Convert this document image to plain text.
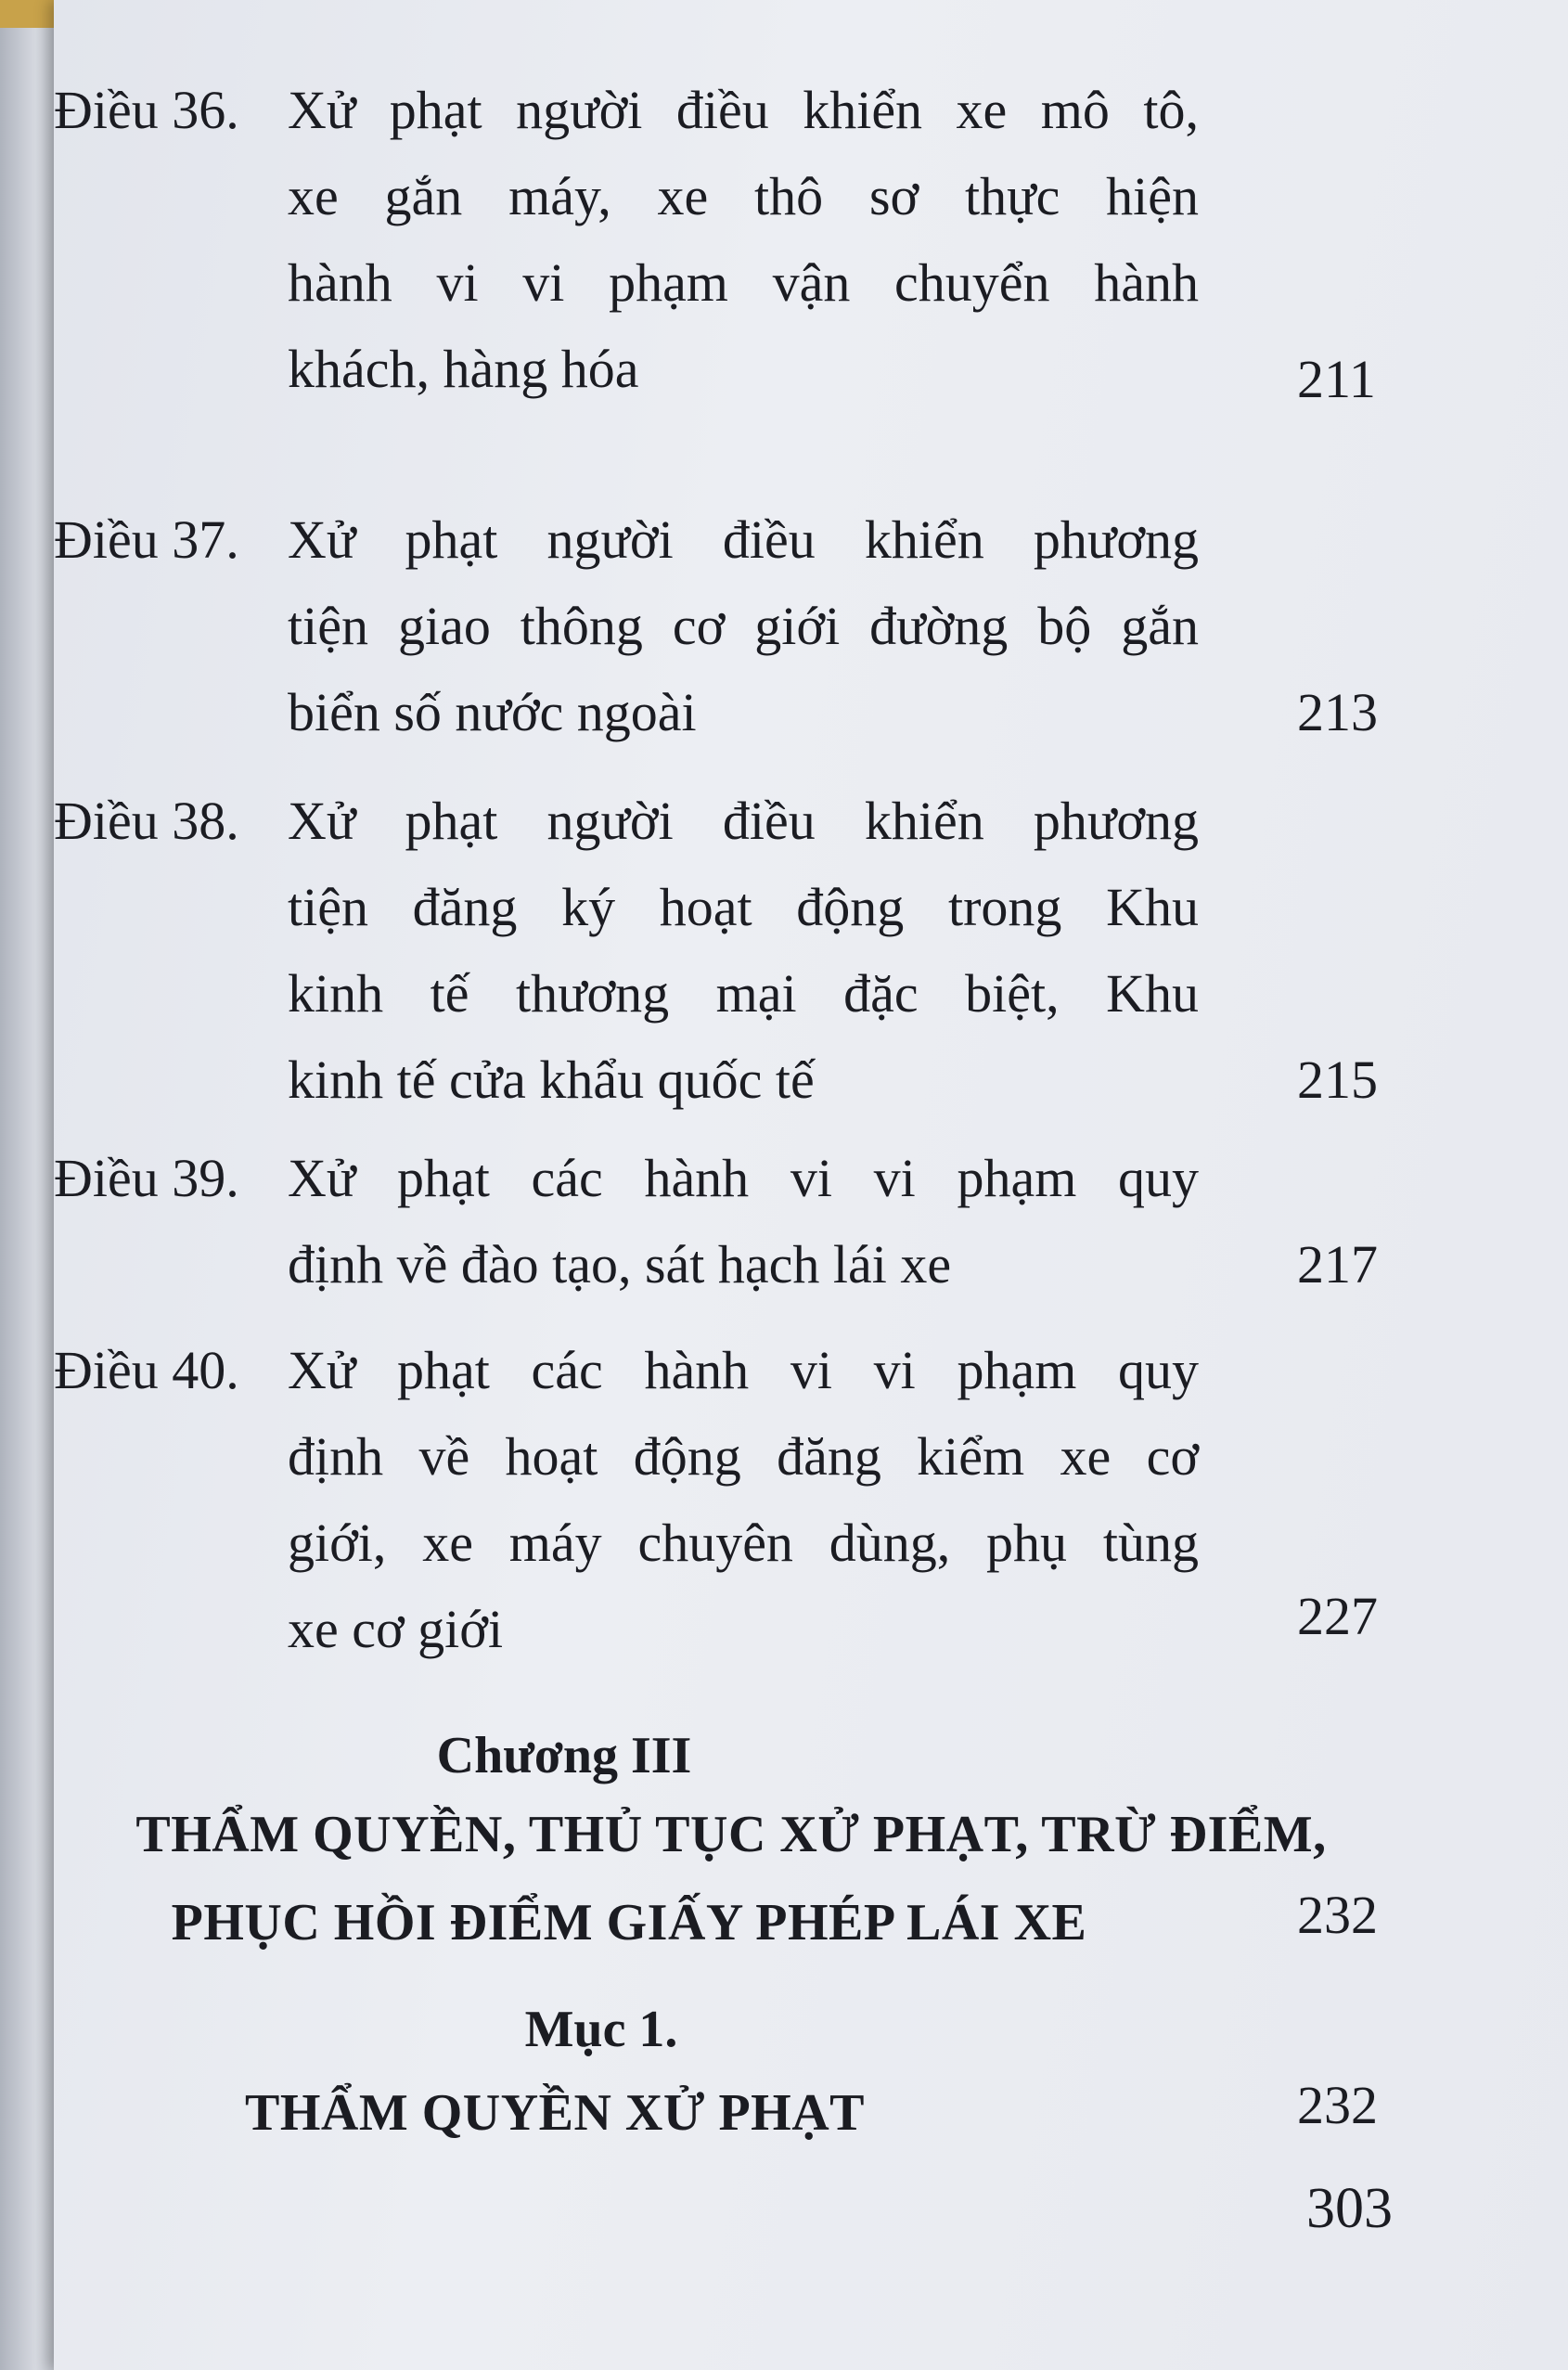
Điều 36. Xử phạt người điều khiển xe mô tô,
xe gắn máy, xe thô sơ thực hiện
hành vi vi phạm vận chuyển hành
khách, hàng hóa	211
Điều 37. Xử phạt người điều khiển phương
tiện giao thông cơ giới đường bộ gắn
biển số nước ngoài	213
Điều 38. Xử phạt người điều khiển phương
tiện đăng ký hoạt động trong Khu
kinh tế thương mại đặc biệt, Khu
kinh tế cửa khẩu quốc tế	215
Điều 39. Xử phạt các hành vi vi phạm quy
định về đào tạo, sát hạch lái xe	217
Điều 40. Xử phạt các hành vi vi phạm quy
định về hoạt động đăng kiểm xe cơ
giới, xe máy chuyên dùng, phụ tùng
xe cơ giới	227
Chương III
THẨM QUYỀN, THỦ TỤC XỬ PHẠT, TRỪ ĐIỂM,
PHỤC HỒI ĐIỂM GIẤY PHÉP LÁI XE	232
Mục 1.
THẨM QUYỀN XỬ PHẠT	232
303
